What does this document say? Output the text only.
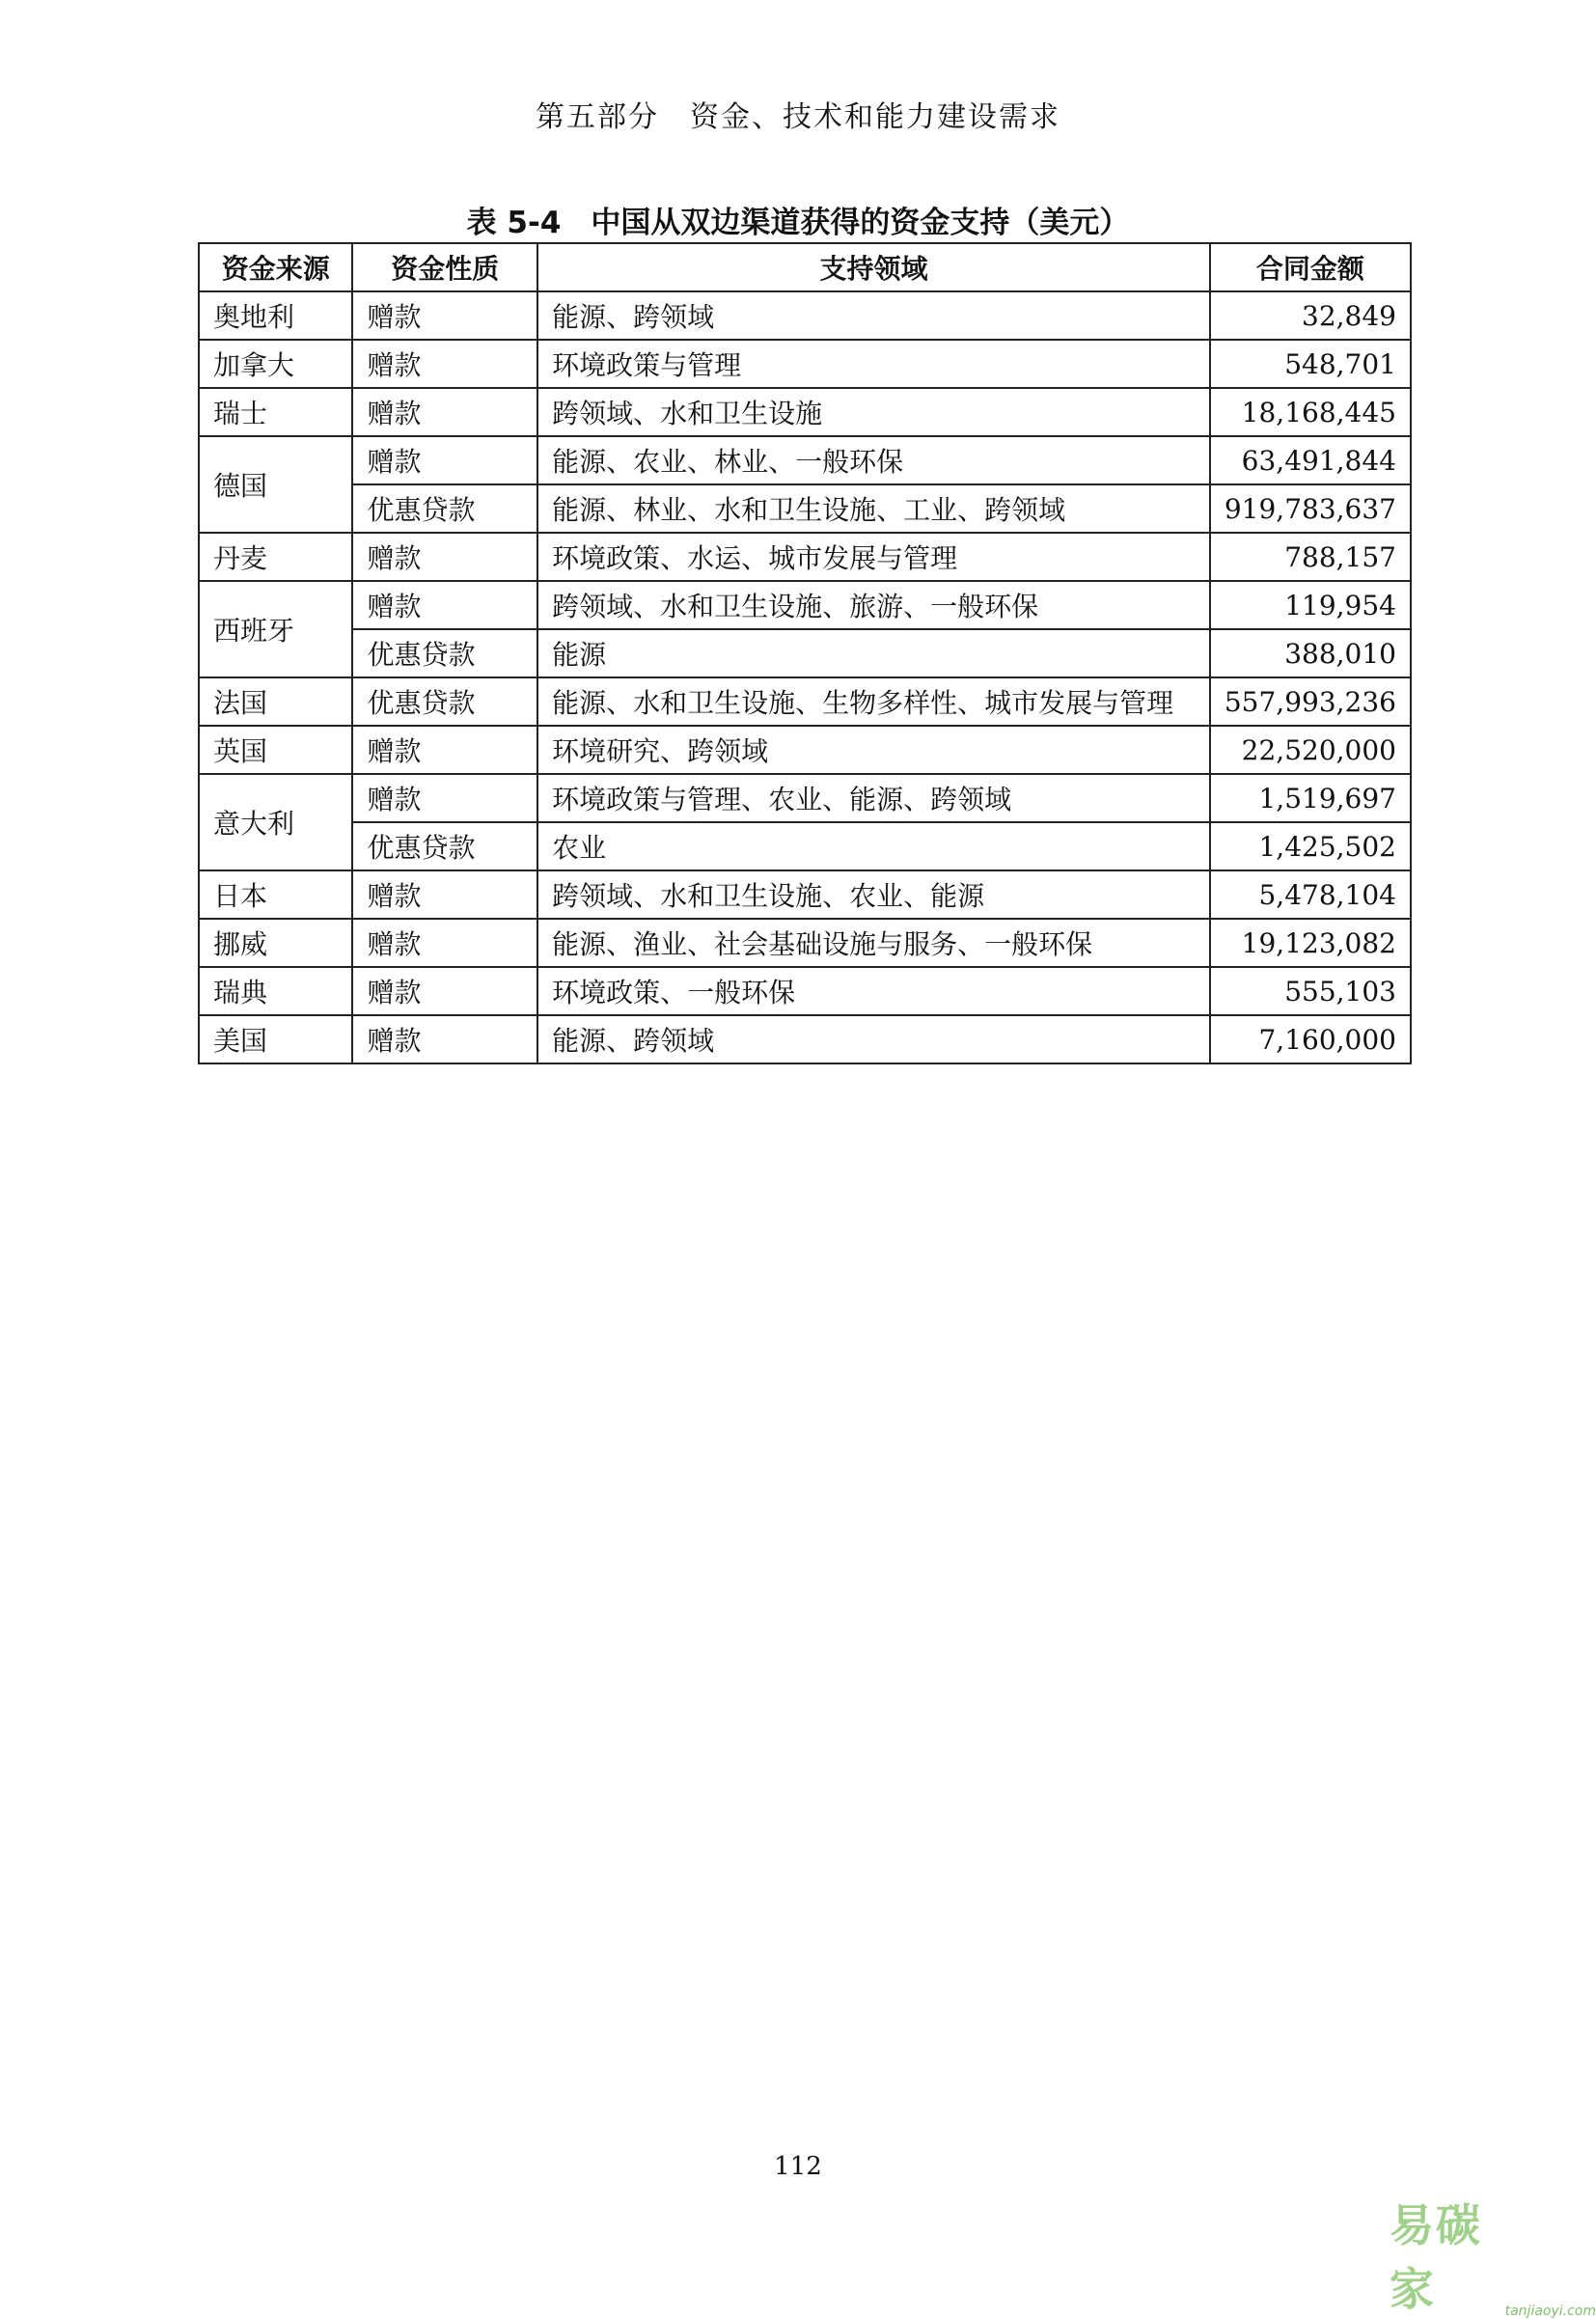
第五部分　资金、技术和能力建设需求
表 5-4　中国从双边渠道获得的资金支持（美元）
资金来源	资金性质	支持领域	合同金额
奥地利	赠款	能源、跨领域	32,849
加拿大	赠款	环境政策与管理	548,701
瑞士	赠款	跨领域、水和卫生设施	18,168,445
德国	赠款	能源、农业、林业、一般环保	63,491,844
	优惠贷款	能源、林业、水和卫生设施、工业、跨领域	919,783,637
丹麦	赠款	环境政策、水运、城市发展与管理	788,157
西班牙	赠款	跨领域、水和卫生设施、旅游、一般环保	119,954
	优惠贷款	能源	388,010
法国	优惠贷款	能源、水和卫生设施、生物多样性、城市发展与管理	557,993,236
英国	赠款	环境研究、跨领域	22,520,000
意大利	赠款	环境政策与管理、农业、能源、跨领域	1,519,697
	优惠贷款	农业	1,425,502
日本	赠款	跨领域、水和卫生设施、农业、能源	5,478,104
挪威	赠款	能源、渔业、社会基础设施与服务、一般环保	19,123,082
瑞典	赠款	环境政策、一般环保	555,103
美国	赠款	能源、跨领域	7,160,000
112
易碳家	tanjiaoyi.com
